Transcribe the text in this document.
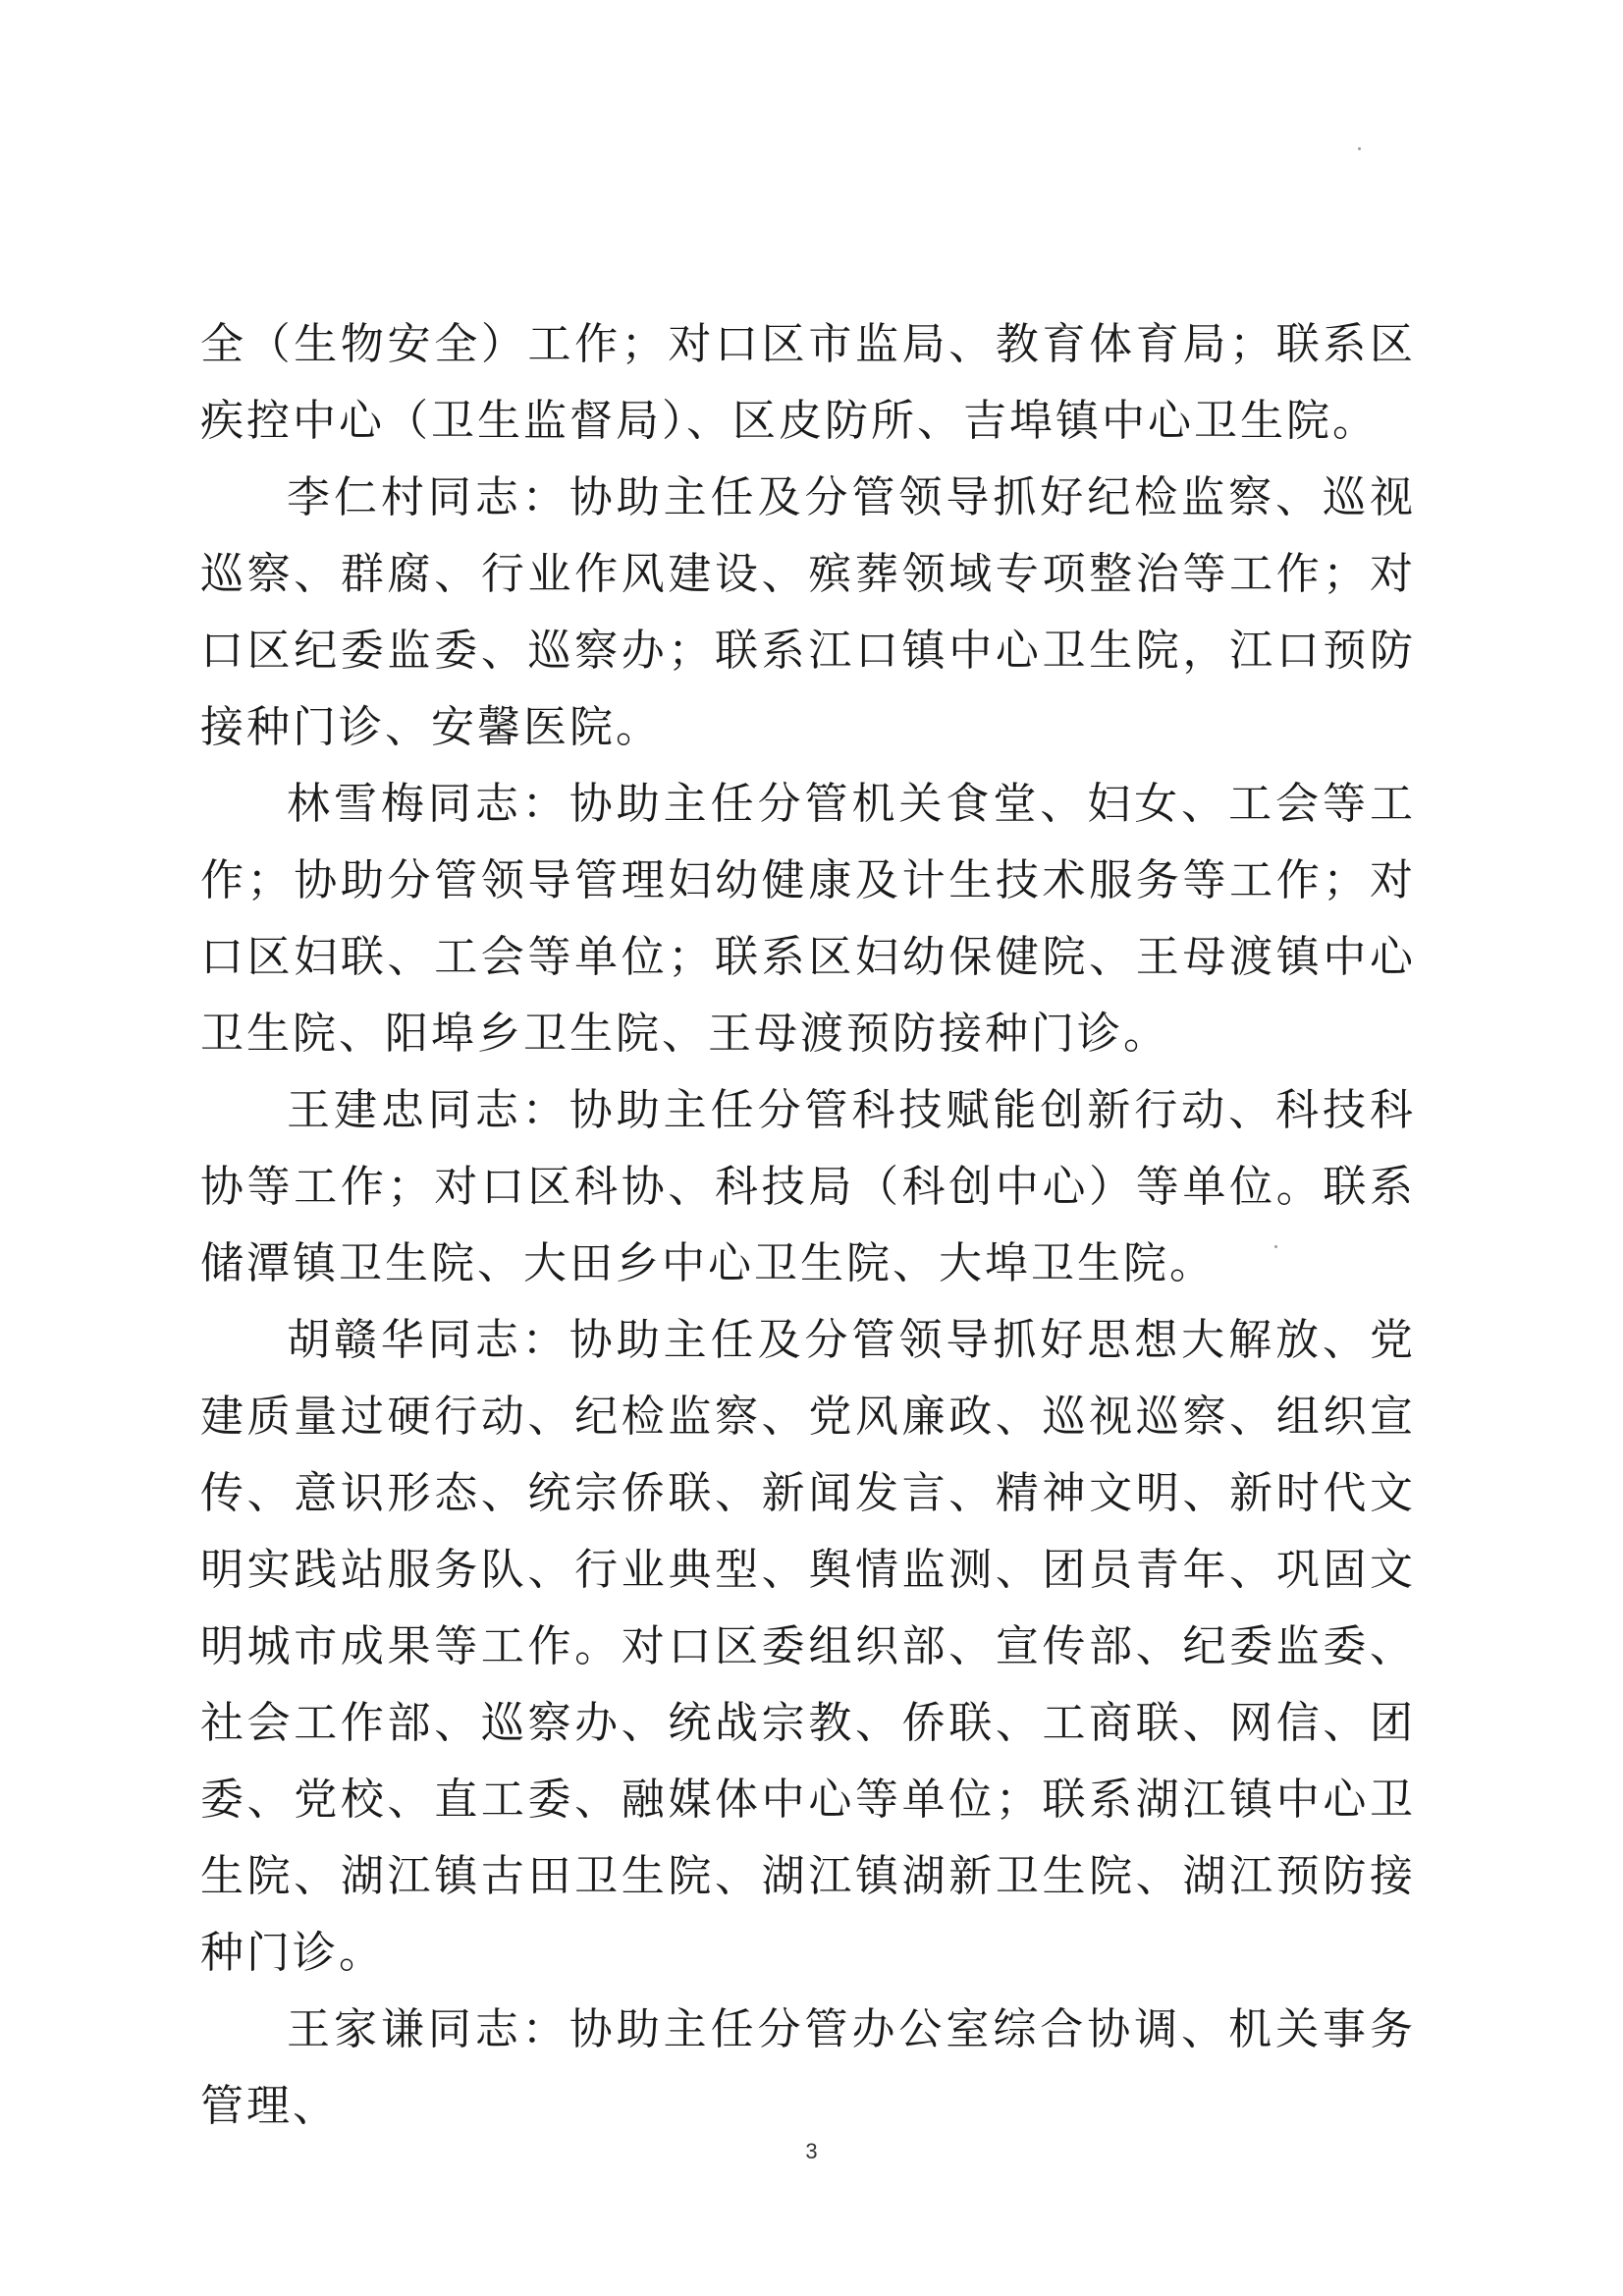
全（生物安全）工作；对口区市监局、教育体育局；联系区疾控中心（卫生监督局）、区皮防所、吉埠镇中心卫生院。

李仁村同志：协助主任及分管领导抓好纪检监察、巡视巡察、群腐、行业作风建设、殡葬领域专项整治等工作；对口区纪委监委、巡察办；联系江口镇中心卫生院，江口预防接种门诊、安馨医院。

林雪梅同志：协助主任分管机关食堂、妇女、工会等工作；协助分管领导管理妇幼健康及计生技术服务等工作；对口区妇联、工会等单位；联系区妇幼保健院、王母渡镇中心卫生院、阳埠乡卫生院、王母渡预防接种门诊。

王建忠同志：协助主任分管科技赋能创新行动、科技科协等工作；对口区科协、科技局（科创中心）等单位。联系储潭镇卫生院、大田乡中心卫生院、大埠卫生院。

胡赣华同志：协助主任及分管领导抓好思想大解放、党建质量过硬行动、纪检监察、党风廉政、巡视巡察、组织宣传、意识形态、统宗侨联、新闻发言、精神文明、新时代文明实践站服务队、行业典型、舆情监测、团员青年、巩固文明城市成果等工作。对口区委组织部、宣传部、纪委监委、社会工作部、巡察办、统战宗教、侨联、工商联、网信、团委、党校、直工委、融媒体中心等单位；联系湖江镇中心卫生院、湖江镇古田卫生院、湖江镇湖新卫生院、湖江预防接种门诊。

王家谦同志：协助主任分管办公室综合协调、机关事务管理、

3
